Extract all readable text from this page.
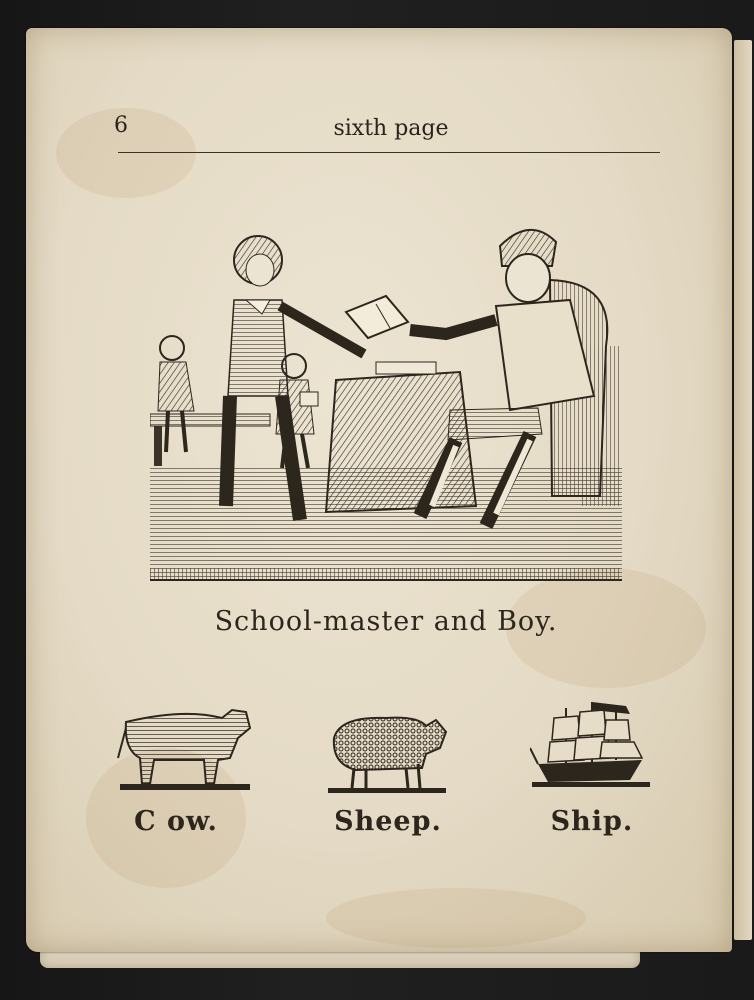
6	sixth page
School-master and Boy.
C ow.	Sheep.	Ship.
